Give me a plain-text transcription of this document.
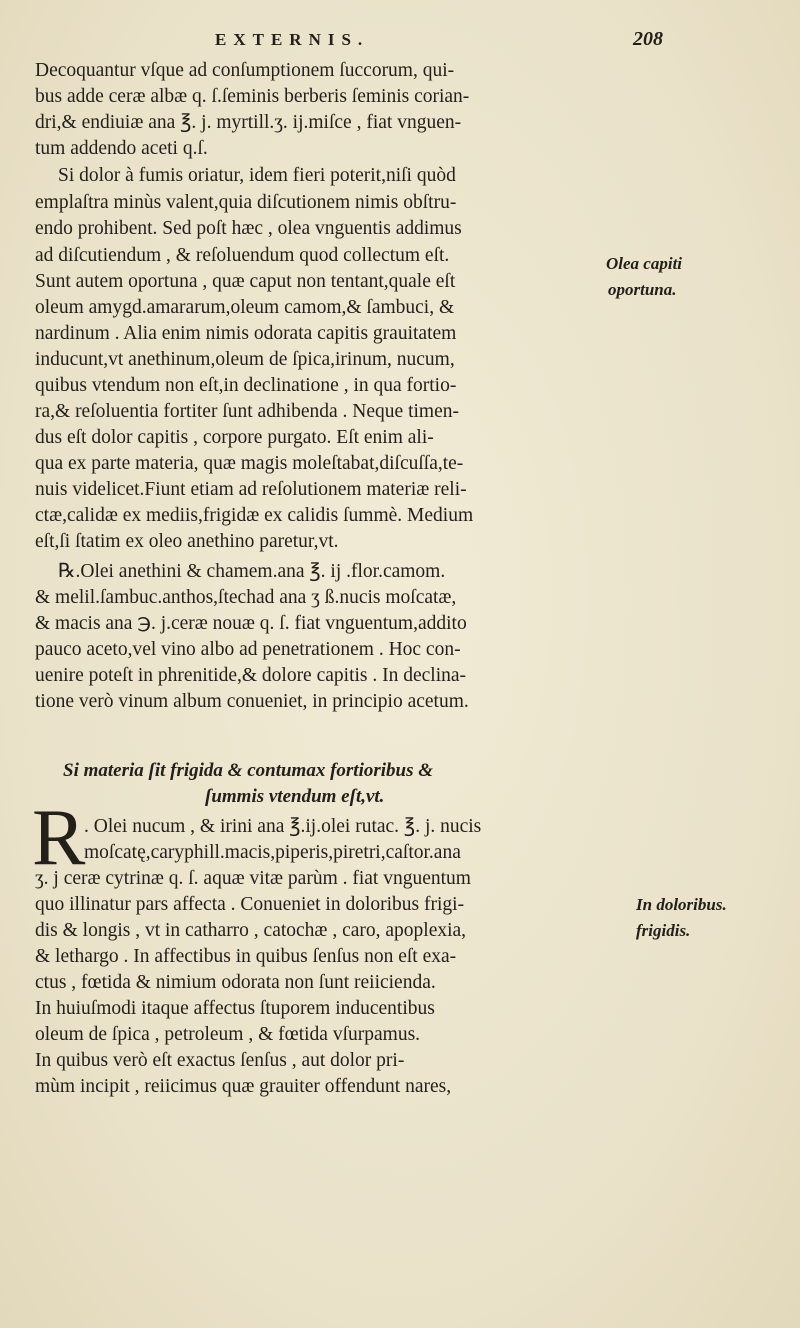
EXTERNIS.	208
Decoquantur vſque ad conſumptionem ſuccorum, qui-
bus adde ceræ albæ q. ſ.ſeminis berberis ſeminis corian-
dri,& endiuiæ ana ℥. j. myrtill.ʒ. ij.miſce , fiat vnguen-
tum addendo aceti q.ſ.
Si dolor à fumis oriatur, idem fieri poterit,niſi quòd
emplaſtra minùs valent,quia diſcutionem nimis obſtru-
endo prohibent. Sed poſt hæc , olea vnguentis addimus
ad diſcutiendum , & reſoluendum quod collectum eſt.
Sunt autem oportuna , quæ caput non tentant,quale eſt
oleum amygd.amararum,oleum camom,& ſambuci, &
nardinum . Alia enim nimis odorata capitis grauitatem
inducunt,vt anethinum,oleum de ſpica,irinum, nucum,
quibus vtendum non eſt,in declinatione , in qua fortio-
ra,& reſoluentia fortiter ſunt adhibenda . Neque timen-
dus eſt dolor capitis , corpore purgato. Eſt enim ali-
qua ex parte materia, quæ magis moleſtabat,diſcuſſa,te-
nuis videlicet.Fiunt etiam ad reſolutionem materiæ reli-
ctæ,calidæ ex mediis,frigidæ ex calidis ſummè. Medium
eſt,ſi ſtatim ex oleo anethino paretur,vt.
℞.Olei anethini & chamem.ana ℥. ij .flor.camom.
& melil.ſambuc.anthos,ſtechad ana ʒ ß.nucis moſcatæ,
& macis ana ℈. j.ceræ nouæ q. ſ. fiat vnguentum,addito
pauco aceto,vel vino albo ad penetrationem . Hoc con-
uenire poteſt in phrenitide,& dolore capitis . In declina-
tione verò vinum album conueniet, in principio acetum.
Olea capiti
oportuna.
Si materia ſit frigida & contumax fortioribus &
ſummis vtendum eſt,vt.
R
. Olei nucum , & irini ana ℥.ij.olei rutac. ℥. j. nucis
moſcatę,caryphill.macis,piperis,piretri,caſtor.ana
ʒ. j ceræ cytrinæ q. ſ. aquæ vitæ parùm . fiat vnguentum
quo illinatur pars affecta . Conueniet in doloribus frigi-
dis & longis , vt in catharro , catochæ , caro, apoplexia,
& lethargo . In affectibus in quibus ſenſus non eſt exa-
ctus , fœtida & nimium odorata non ſunt reiicienda.
In huiuſmodi itaque affectus ſtuporem inducentibus
oleum de ſpica , petroleum , & fœtida vſurpamus.
In quibus verò eſt exactus ſenſus , aut dolor pri-
mùm incipit , reiicimus quæ grauiter offendunt nares,
In doloribus.
frigidis.
